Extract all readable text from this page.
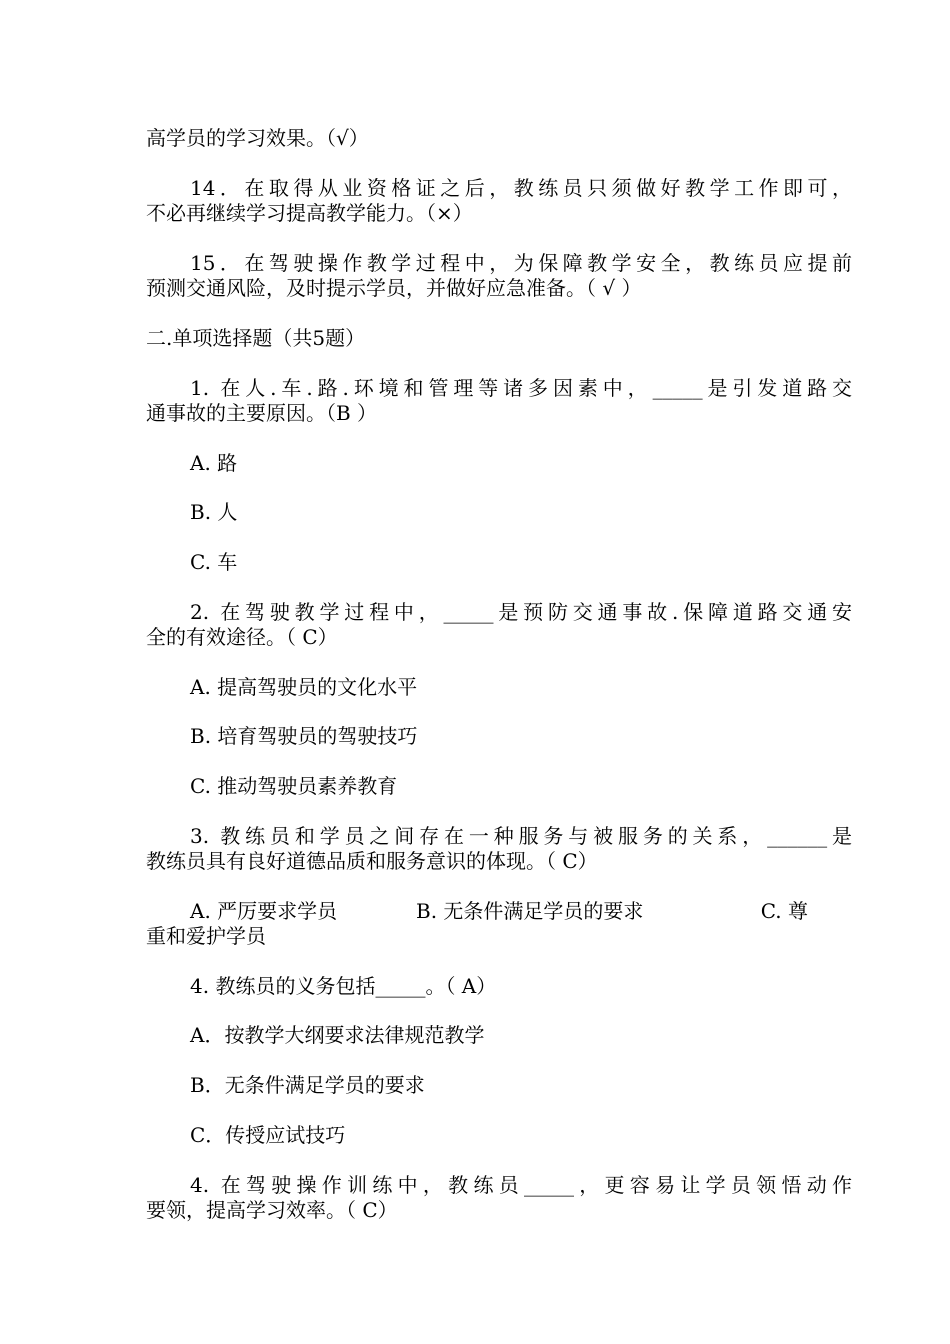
高学员的学习效果。（√）
14．在取得从业资格证之后，教练员只须做好教学工作即可，
不必再继续学习提高教学能力。（×）
15．在驾驶操作教学过程中，为保障教学安全，教练员应提前
预测交通风险，及时提示学员，并做好应急准备。（ √ ）
二.单项选择题（共5题）
1. 在人.车.路.环境和管理等诸多因素中，_____是引发道路交
通事故的主要原因。（B ）
A. 路
B. 人
C. 车
2. 在驾驶教学过程中，_____是预防交通事故.保障道路交通安
全的有效途径。（ C）
A. 提高驾驶员的文化水平
B. 培育驾驶员的驾驶技巧
C. 推动驾驶员素养教育
3. 教练员和学员之间存在一种服务与被服务的关系，______是
教练员具有良好道德品质和服务意识的体现。（ C）
A. 严厉要求学员	B. 无条件满足学员的要求	C. 尊
重和爱护学员
4. 教练员的义务包括_____。（ A）
A．按教学大纲要求法律规范教学
B．无条件满足学员的要求
C．传授应试技巧
4. 在驾驶操作训练中，教练员_____，更容易让学员领悟动作
要领，提高学习效率。（ C）
